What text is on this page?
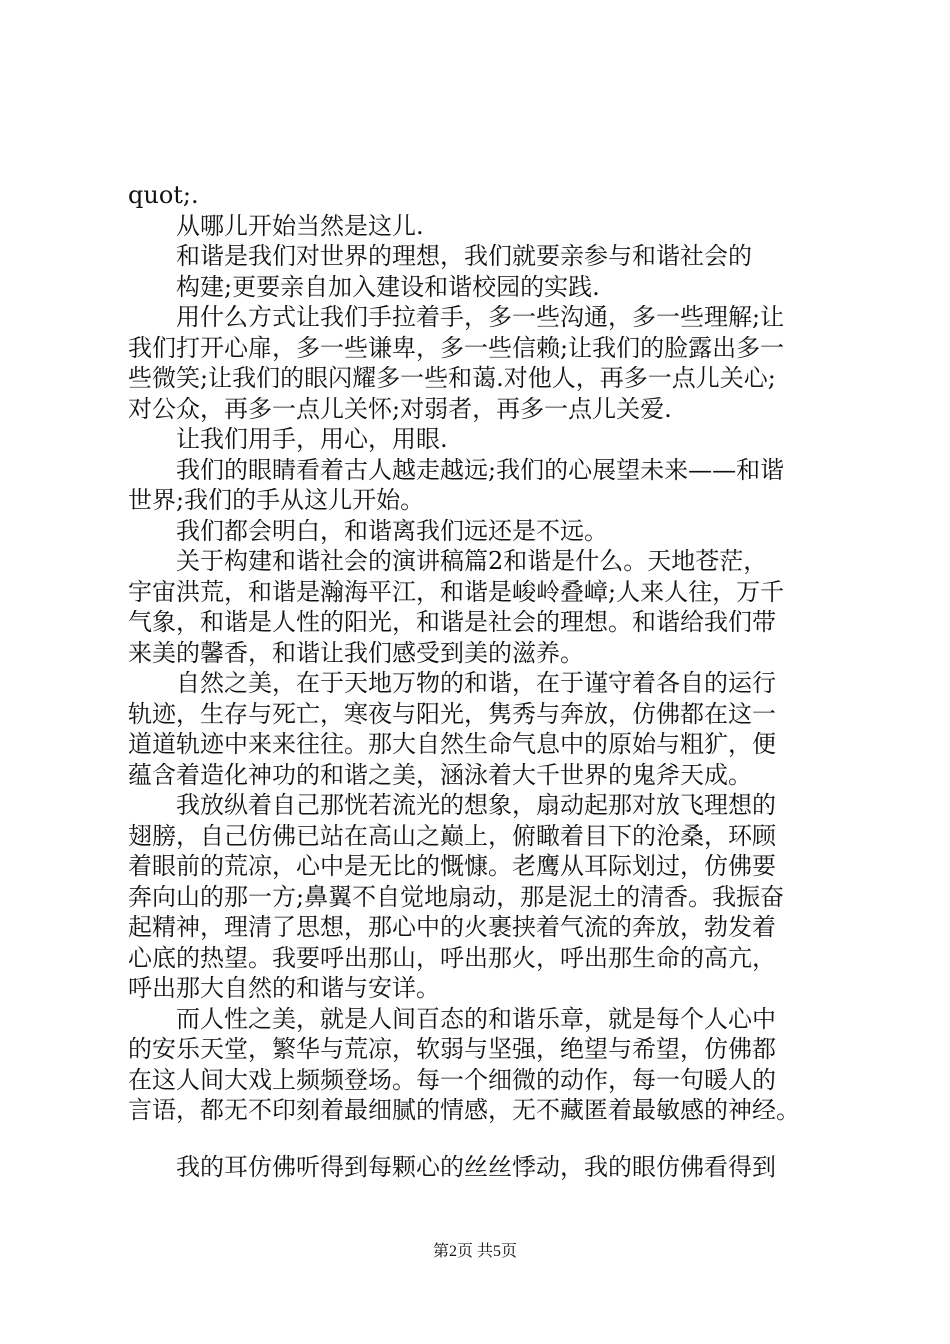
quot;.
　　从哪儿开始当然是这儿.
　　和谐是我们对世界的理想，我们就要亲参与和谐社会的
　　构建;更要亲自加入建设和谐校园的实践.
　　用什么方式让我们手拉着手，多一些沟通，多一些理解;让
我们打开心扉，多一些谦卑，多一些信赖;让我们的脸露出多一
些微笑;让我们的眼闪耀多一些和蔼.对他人，再多一点儿关心;
对公众，再多一点儿关怀;对弱者，再多一点儿关爱.
　　让我们用手，用心，用眼.
　　我们的眼睛看着古人越走越远;我们的心展望未来——和谐
世界;我们的手从这儿开始。
　　我们都会明白，和谐离我们远还是不远。
　　关于构建和谐社会的演讲稿篇2和谐是什么。天地苍茫，
宇宙洪荒，和谐是瀚海平江，和谐是峻岭叠嶂;人来人往，万千
气象，和谐是人性的阳光，和谐是社会的理想。和谐给我们带
来美的馨香，和谐让我们感受到美的滋养。
　　自然之美，在于天地万物的和谐，在于谨守着各自的运行
轨迹，生存与死亡，寒夜与阳光，隽秀与奔放，仿佛都在这一
道道轨迹中来来往往。那大自然生命气息中的原始与粗犷，便
蕴含着造化神功的和谐之美，涵泳着大千世界的鬼斧天成。
　　我放纵着自己那恍若流光的想象，扇动起那对放飞理想的
翅膀，自己仿佛已站在高山之巅上，俯瞰着目下的沧桑，环顾
着眼前的荒凉，心中是无比的慨慷。老鹰从耳际划过，仿佛要
奔向山的那一方;鼻翼不自觉地扇动，那是泥土的清香。我振奋
起精神，理清了思想，那心中的火裹挟着气流的奔放，勃发着
心底的热望。我要呼出那山，呼出那火，呼出那生命的高亢，
呼出那大自然的和谐与安详。
　　而人性之美，就是人间百态的和谐乐章，就是每个人心中
的安乐天堂，繁华与荒凉，软弱与坚强，绝望与希望，仿佛都
在这人间大戏上频频登场。每一个细微的动作，每一句暖人的
言语，都无不印刻着最细腻的情感，无不藏匿着最敏感的神经。
　　我的耳仿佛听得到每颗心的丝丝悸动，我的眼仿佛看得到
第2页 共5页
